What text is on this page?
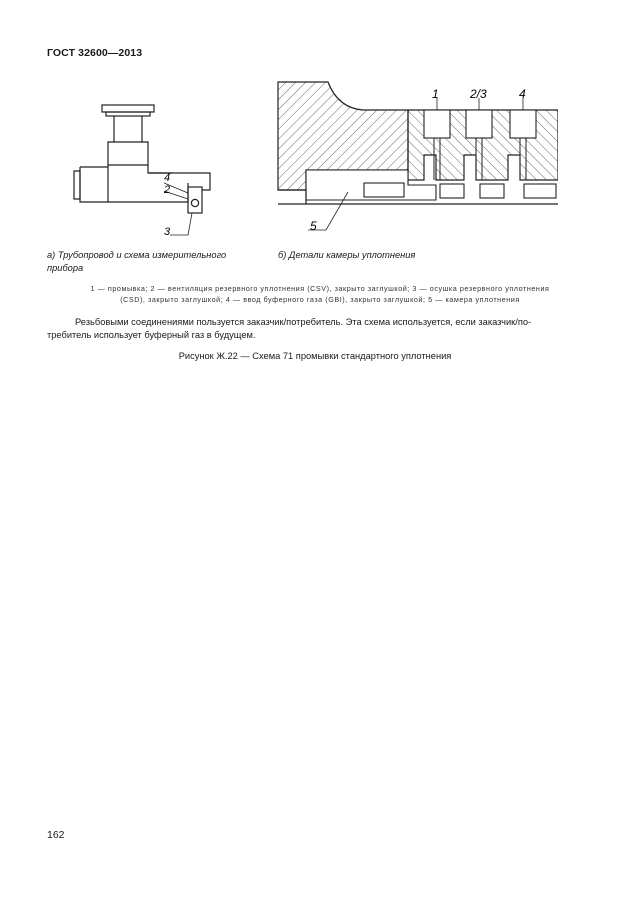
ГОСТ 32600—2013
4
2
3
1	2/3	4
5
а) Трубопровод и схема измерительного
прибора
б) Детали камеры уплотнения
1 — промывка; 2 — вентиляция резервного уплотнения (CSV), закрыто заглушкой; 3 — осушка резервного уплотнения
(CSD), закрыто заглушкой; 4 — ввод буферного газа (GBI), закрыто заглушкой; 5 — камера уплотнения
Резьбовыми соединениями пользуется заказчик/потребитель. Эта схема используется, если заказчик/по-
требитель использует буферный газ в будущем.
Рисунок Ж.22 — Схема 71 промывки стандартного уплотнения
162
